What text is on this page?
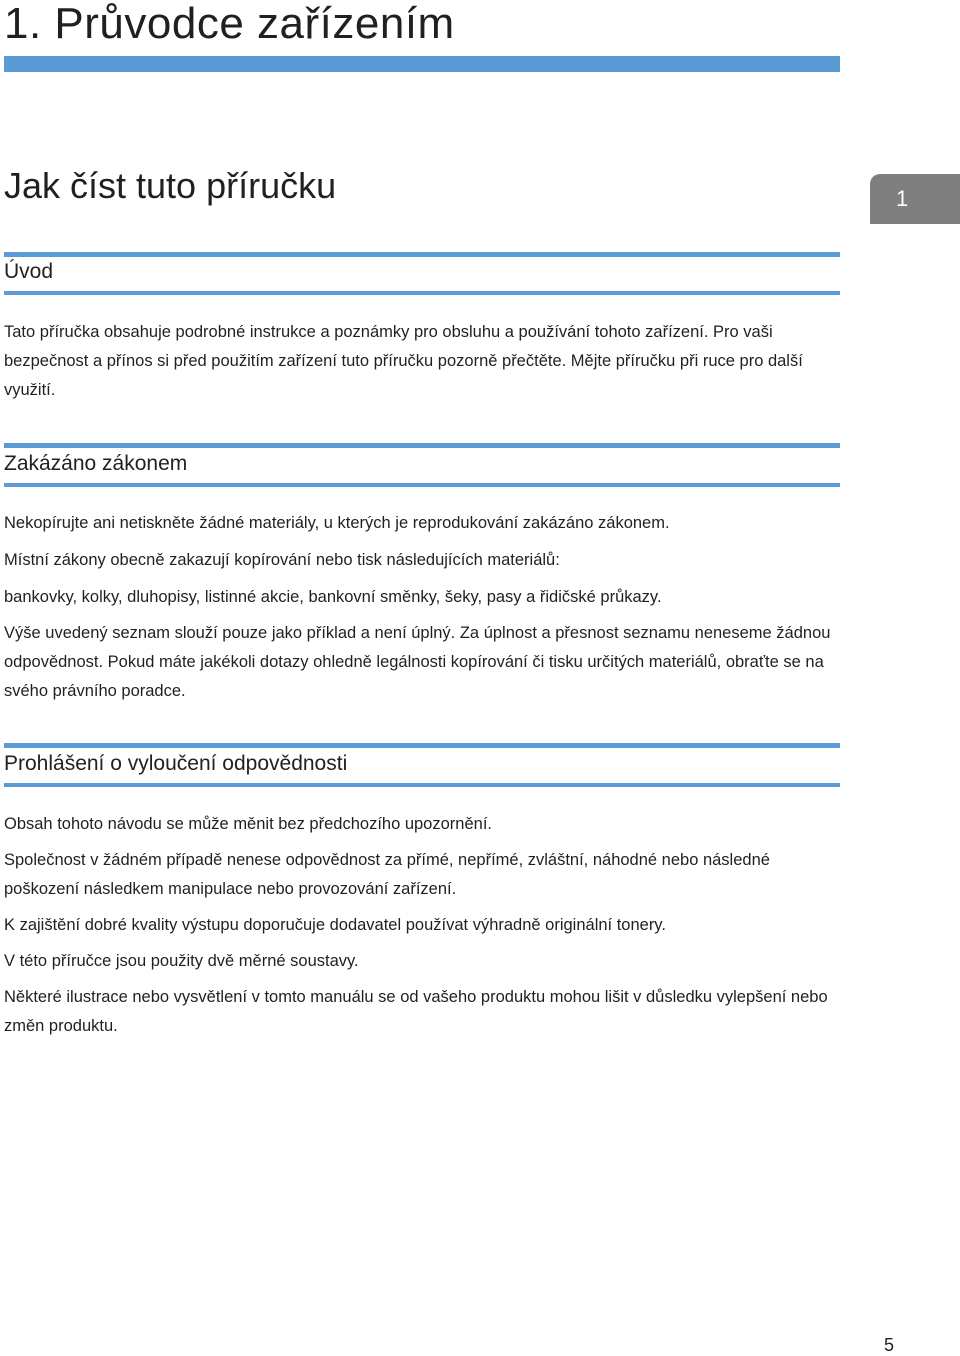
1. Průvodce zařízením
Jak číst tuto příručku	1
Úvod

Tato příručka obsahuje podrobné instrukce a poznámky pro obsluhu a používání tohoto zařízení. Pro vaši bezpečnost a přínos si před použitím zařízení tuto příručku pozorně přečtěte. Mějte příručku při ruce pro další využití.

Zakázáno zákonem

Nekopírujte ani netiskněte žádné materiály, u kterých je reprodukování zakázáno zákonem.

Místní zákony obecně zakazují kopírování nebo tisk následujících materiálů:

bankovky, kolky, dluhopisy, listinné akcie, bankovní směnky, šeky, pasy a řidičské průkazy.

Výše uvedený seznam slouží pouze jako příklad a není úplný. Za úplnost a přesnost seznamu neneseme žádnou odpovědnost. Pokud máte jakékoli dotazy ohledně legálnosti kopírování či tisku určitých materiálů, obraťte se na svého právního poradce.

Prohlášení o vyloučení odpovědnosti

Obsah tohoto návodu se může měnit bez předchozího upozornění.

Společnost v žádném případě nenese odpovědnost za přímé, nepřímé, zvláštní, náhodné nebo následné poškození následkem manipulace nebo provozování zařízení.

K zajištění dobré kvality výstupu doporučuje dodavatel používat výhradně originální tonery.

V této příručce jsou použity dvě měrné soustavy.

Některé ilustrace nebo vysvětlení v tomto manuálu se od vašeho produktu mohou lišit v důsledku vylepšení nebo změn produktu.

5
